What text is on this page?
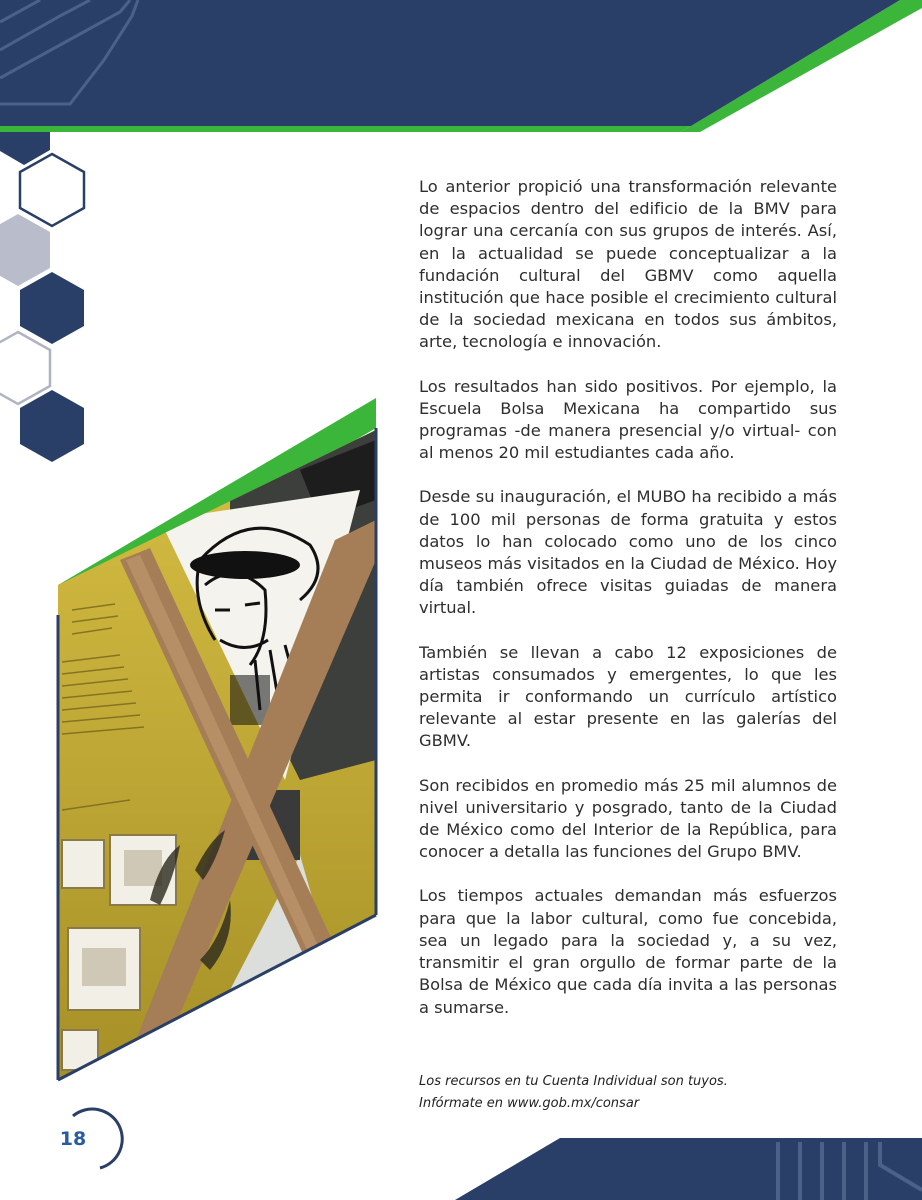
Lo anterior propició una transformación relevante de espacios dentro del edificio de la BMV para lograr una cercanía con sus grupos de interés. Así, en la actualidad se puede conceptualizar a la fundación cultural del GBMV como aquella institución que hace posible el crecimiento cultural de la sociedad mexicana en todos sus ámbitos, arte, tecnología e innovación.

Los resultados han sido positivos. Por ejemplo, la Escuela Bolsa Mexicana ha compartido sus programas -de manera presencial y/o virtual- con al menos 20 mil estudiantes cada año.

Desde su inauguración, el MUBO ha recibido a más de 100 mil personas de forma gratuita y estos datos lo han colocado como uno de los cinco museos más visitados en la Ciudad de México. Hoy día también ofrece visitas guiadas de manera virtual.

También se llevan a cabo 12 exposiciones de artistas consumados y emergentes, lo que les permita ir conformando un currículo artístico relevante al estar presente en las galerías del GBMV.

Son recibidos en promedio más 25 mil alumnos de nivel universitario y posgrado, tanto de la Ciudad de México como del Interior de la República, para conocer a detalla las funciones del Grupo BMV.

Los tiempos actuales demandan más esfuerzos para que la labor cultural, como fue concebida, sea un legado para la sociedad y, a su vez, transmitir el gran orgullo de formar parte de la Bolsa de México que cada día invita a las personas a sumarse.

Los recursos en tu Cuenta Individual son tuyos.
Infórmate en www.gob.mx/consar
18
